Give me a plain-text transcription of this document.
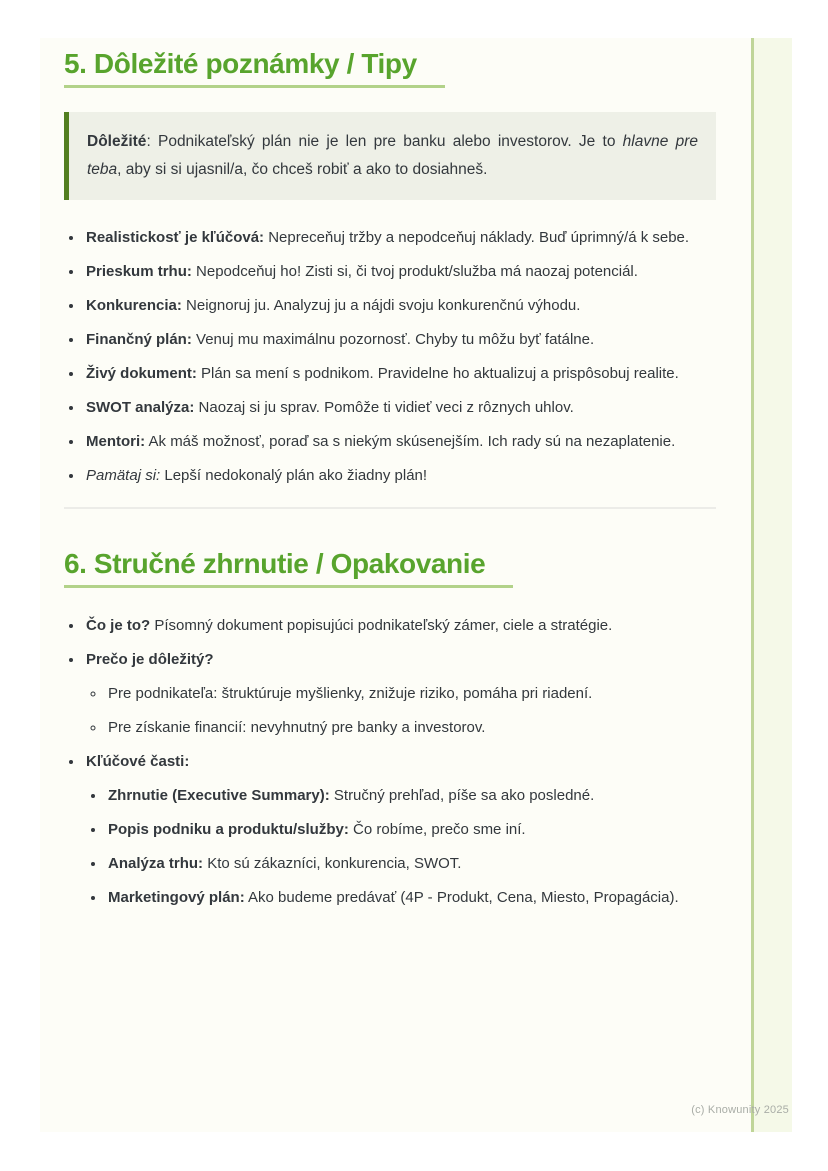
5. Dôležité poznámky / Tipy

Dôležité: Podnikateľský plán nie je len pre banku alebo investorov. Je to hlavne pre teba, aby si si ujasnil/a, čo chceš robiť a ako to dosiahneš.

• Realistickosť je kľúčová: Nepreceňuj tržby a nepodceňuj náklady. Buď úprimný/á k sebe.
• Prieskum trhu: Nepodceňuj ho! Zisti si, či tvoj produkt/služba má naozaj potenciál.
• Konkurencia: Neignoruj ju. Analyzuj ju a nájdi svoju konkurenčnú výhodu.
• Finančný plán: Venuj mu maximálnu pozornosť. Chyby tu môžu byť fatálne.
• Živý dokument: Plán sa mení s podnikom. Pravidelne ho aktualizuj a prispôsobuj realite.
• SWOT analýza: Naozaj si ju sprav. Pomôže ti vidieť veci z rôznych uhlov.
• Mentori: Ak máš možnosť, poraď sa s niekým skúsenejším. Ich rady sú na nezaplatenie.
• Pamätaj si: Lepší nedokonalý plán ako žiadny plán!
6. Stručné zhrnutie / Opakovanie
• Čo je to? Písomný dokument popisujúci podnikateľský zámer, ciele a stratégie.
• Prečo je dôležitý?
◦ Pre podnikateľa: štruktúruje myšlienky, znižuje riziko, pomáha pri riadení.
◦ Pre získanie financií: nevyhnutný pre banky a investorov.
• Kľúčové časti:
• Zhrnutie (Executive Summary): Stručný prehľad, píše sa ako posledné.
• Popis podniku a produktu/služby: Čo robíme, prečo sme iní.
• Analýza trhu: Kto sú zákazníci, konkurencia, SWOT.
• Marketingový plán: Ako budeme predávať (4P - Produkt, Cena, Miesto, Propagácia).
(c) Knowunity 2025
